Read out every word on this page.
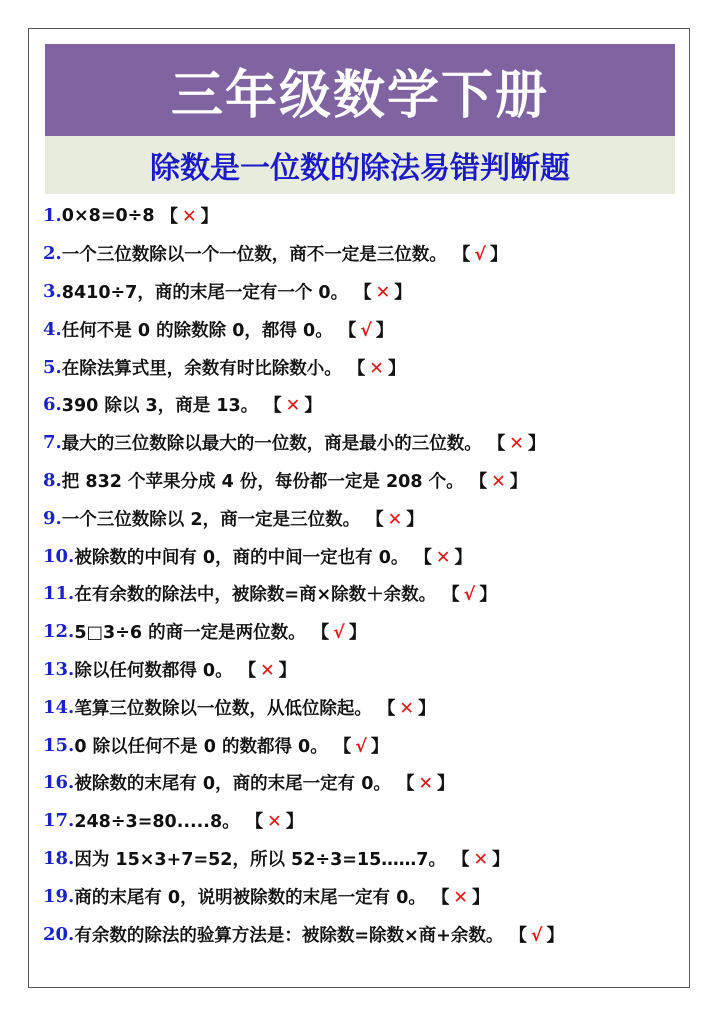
三年级数学下册
除数是一位数的除法易错判断题
1. 0×8=0÷8 【 ✕ 】
2. 一个三位数除以一个一位数，商不一定是三位数。 【 √ 】
3. 8410÷7，商的末尾一定有一个 0。 【 ✕ 】
4. 任何不是 0 的除数除 0，都得 0。 【 √ 】
5. 在除法算式里，余数有时比除数小。 【 ✕ 】
6. 390 除以 3，商是 13。 【 ✕ 】
7. 最大的三位数除以最大的一位数，商是最小的三位数。 【 ✕ 】
8. 把 832 个苹果分成 4 份，每份都一定是 208 个。 【 ✕ 】
9. 一个三位数除以 2，商一定是三位数。 【 ✕ 】
10. 被除数的中间有 0，商的中间一定也有 0。 【 ✕ 】
11. 在有余数的除法中，被除数=商×除数＋余数。 【 √ 】
12. 5□3÷6 的商一定是两位数。 【 √ 】
13. 除以任何数都得 0。 【 ✕ 】
14. 笔算三位数除以一位数，从低位除起。 【 ✕ 】
15. 0 除以任何不是 0 的数都得 0。 【 √ 】
16. 被除数的末尾有 0，商的末尾一定有 0。 【 ✕ 】
17. 248÷3=80.....8。 【 ✕ 】
18. 因为 15×3+7=52，所以 52÷3=15……7。 【 ✕ 】
19. 商的末尾有 0，说明被除数的末尾一定有 0。 【 ✕ 】
20. 有余数的除法的验算方法是：被除数=除数×商+余数。 【 √ 】
